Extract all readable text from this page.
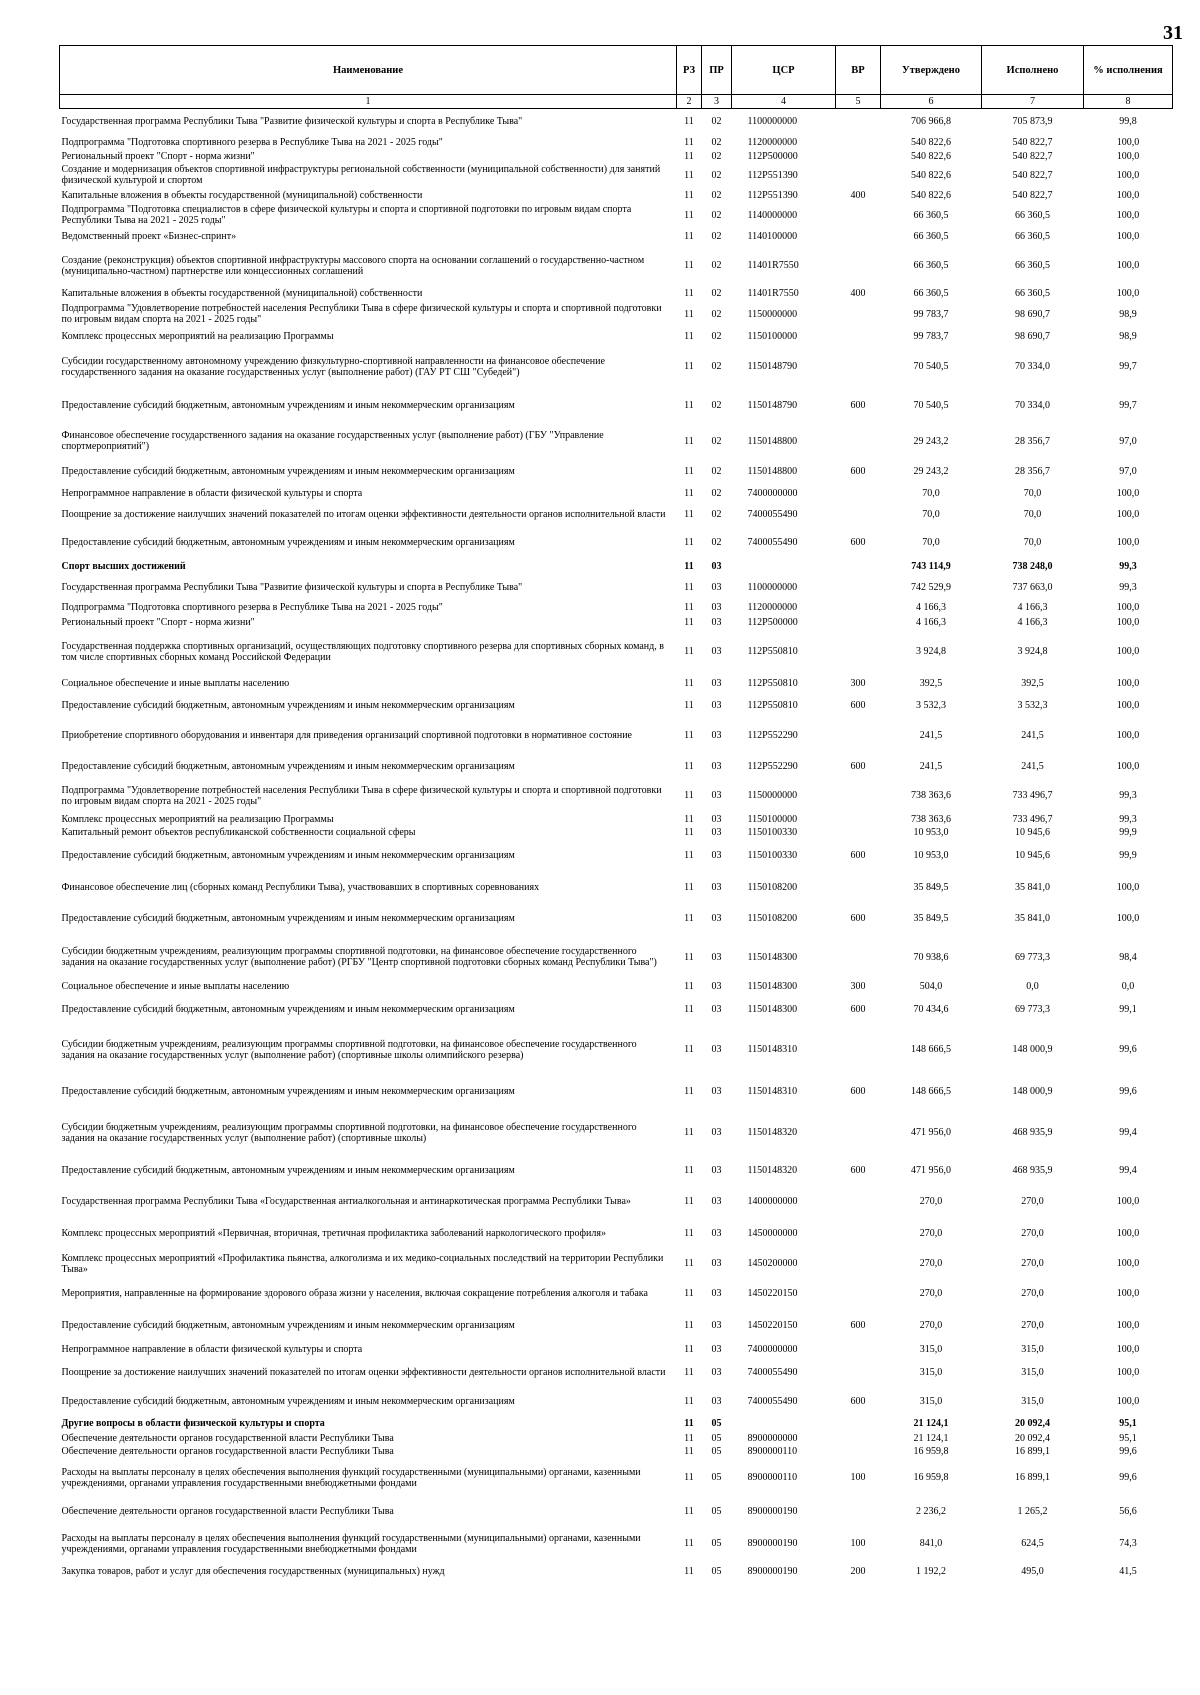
31
Наименование	РЗ	ПР	ЦСР	ВР	Утверждено	Исполнено	% исполнения
1	2	3	4	5	6	7	8
Государственная программа Республики Тыва "Развитие физической культуры и спорта в Республике Тыва"	11	02	1100000000		706 966,8	705 873,9	99,8
Подпрограмма "Подготовка спортивного резерва в Республике Тыва на 2021 - 2025 годы"	11	02	1120000000		540 822,6	540 822,7	100,0
Региональный проект "Спорт - норма жизни"	11	02	112P500000		540 822,6	540 822,7	100,0
Создание и модернизация объектов спортивной инфраструктуры региональной собственности (муниципальной собственности) для занятий физической культурой и спортом	11	02	112P551390		540 822,6	540 822,7	100,0
Капитальные вложения в объекты государственной (муниципальной) собственности	11	02	112P551390	400	540 822,6	540 822,7	100,0
Подпрограмма "Подготовка специалистов в сфере физической культуры и спорта и спортивной подготовки по игровым видам спорта Республики Тыва на 2021 - 2025 годы"	11	02	1140000000		66 360,5	66 360,5	100,0
Ведомственный проект «Бизнес-спринт»	11	02	1140100000		66 360,5	66 360,5	100,0
Создание (реконструкция) объектов спортивной инфраструктуры массового спорта на основании соглашений о государственно-частном (муниципально-частном) партнерстве или концессионных соглашений	11	02	11401R7550		66 360,5	66 360,5	100,0
Капитальные вложения в объекты государственной (муниципальной) собственности	11	02	11401R7550	400	66 360,5	66 360,5	100,0
Подпрограмма "Удовлетворение потребностей населения Республики Тыва в сфере физической культуры и спорта и спортивной подготовки по игровым видам спорта на 2021 - 2025 годы"	11	02	1150000000		99 783,7	98 690,7	98,9
Комплекс процессных мероприятий на реализацию Программы	11	02	1150100000		99 783,7	98 690,7	98,9
Субсидии государственному автономному учреждению физкультурно-спортивной направленности на финансовое обеспечение государственного задания на оказание государственных услуг (выполнение работ) (ГАУ РТ СШ "Субедей")	11	02	1150148790		70 540,5	70 334,0	99,7
Предоставление субсидий бюджетным, автономным учреждениям и иным некоммерческим организациям	11	02	1150148790	600	70 540,5	70 334,0	99,7
Финансовое обеспечение государственного задания на оказание государственных услуг (выполнение работ) (ГБУ "Управление спортмероприятий")	11	02	1150148800		29 243,2	28 356,7	97,0
Предоставление субсидий бюджетным, автономным учреждениям и иным некоммерческим организациям	11	02	1150148800	600	29 243,2	28 356,7	97,0
Непрограммное направление в области физической культуры и спорта	11	02	7400000000		70,0	70,0	100,0
Поощрение за достижение наилучших значений показателей по итогам оценки эффективности деятельности органов исполнительной власти	11	02	7400055490		70,0	70,0	100,0
Предоставление субсидий бюджетным, автономным учреждениям и иным некоммерческим организациям	11	02	7400055490	600	70,0	70,0	100,0
Спорт высших достижений	11	03			743 114,9	738 248,0	99,3
Государственная программа Республики Тыва "Развитие физической культуры и спорта в Республике Тыва"	11	03	1100000000		742 529,9	737 663,0	99,3
Подпрограмма "Подготовка спортивного резерва в Республике Тыва на 2021 - 2025 годы"	11	03	1120000000		4 166,3	4 166,3	100,0
Региональный проект "Спорт - норма жизни"	11	03	112P500000		4 166,3	4 166,3	100,0
Государственная поддержка спортивных организаций, осуществляющих подготовку спортивного резерва для спортивных сборных команд, в том числе спортивных сборных команд Российской Федерации	11	03	112P550810		3 924,8	3 924,8	100,0
Социальное обеспечение и иные выплаты населению	11	03	112P550810	300	392,5	392,5	100,0
Предоставление субсидий бюджетным, автономным учреждениям и иным некоммерческим организациям	11	03	112P550810	600	3 532,3	3 532,3	100,0
Приобретение спортивного оборудования и инвентаря для приведения организаций спортивной подготовки в нормативное состояние	11	03	112P552290		241,5	241,5	100,0
Предоставление субсидий бюджетным, автономным учреждениям и иным некоммерческим организациям	11	03	112P552290	600	241,5	241,5	100,0
Подпрограмма "Удовлетворение потребностей населения Республики Тыва в сфере физической культуры и спорта и спортивной подготовки по игровым видам спорта на 2021 - 2025 годы"	11	03	1150000000		738 363,6	733 496,7	99,3
Комплекс процессных мероприятий на реализацию Программы	11	03	1150100000		738 363,6	733 496,7	99,3
Капитальный ремонт объектов республиканской собственности социальной сферы	11	03	1150100330		10 953,0	10 945,6	99,9
Предоставление субсидий бюджетным, автономным учреждениям и иным некоммерческим организациям	11	03	1150100330	600	10 953,0	10 945,6	99,9
Финансовое обеспечение лиц (сборных команд Республики Тыва), участвовавших в спортивных соревнованиях	11	03	1150108200		35 849,5	35 841,0	100,0
Предоставление субсидий бюджетным, автономным учреждениям и иным некоммерческим организациям	11	03	1150108200	600	35 849,5	35 841,0	100,0
Субсидии бюджетным учреждениям, реализующим программы спортивной подготовки, на финансовое обеспечение государственного задания на оказание государственных услуг (выполнение работ) (РГБУ "Центр спортивной подготовки сборных команд Республики Тыва")	11	03	1150148300		70 938,6	69 773,3	98,4
Социальное обеспечение и иные выплаты населению	11	03	1150148300	300	504,0	0,0	0,0
Предоставление субсидий бюджетным, автономным учреждениям и иным некоммерческим организациям	11	03	1150148300	600	70 434,6	69 773,3	99,1
Субсидии бюджетным учреждениям, реализующим программы спортивной подготовки, на финансовое обеспечение государственного задания на оказание государственных услуг (выполнение работ) (спортивные школы олимпийского резерва)	11	03	1150148310		148 666,5	148 000,9	99,6
Предоставление субсидий бюджетным, автономным учреждениям и иным некоммерческим организациям	11	03	1150148310	600	148 666,5	148 000,9	99,6
Субсидии бюджетным учреждениям, реализующим программы спортивной подготовки, на финансовое обеспечение государственного задания на оказание государственных услуг (выполнение работ) (спортивные школы)	11	03	1150148320		471 956,0	468 935,9	99,4
Предоставление субсидий бюджетным, автономным учреждениям и иным некоммерческим организациям	11	03	1150148320	600	471 956,0	468 935,9	99,4
Государственная программа Республики Тыва «Государственная антиалкогольная и антинаркотическая программа Республики Тыва»	11	03	1400000000		270,0	270,0	100,0
Комплекс процессных мероприятий «Первичная, вторичная, третичная профилактика заболеваний наркологического профиля»	11	03	1450000000		270,0	270,0	100,0
Комплекс процессных мероприятий «Профилактика пьянства, алкоголизма и их медико-социальных последствий на территории Республики Тыва»	11	03	1450200000		270,0	270,0	100,0
Мероприятия, направленные на формирование здорового образа жизни у населения, включая сокращение потребления алкоголя и табака	11	03	1450220150		270,0	270,0	100,0
Предоставление субсидий бюджетным, автономным учреждениям и иным некоммерческим организациям	11	03	1450220150	600	270,0	270,0	100,0
Непрограммное направление в области физической культуры и спорта	11	03	7400000000		315,0	315,0	100,0
Поощрение за достижение наилучших значений показателей по итогам оценки эффективности деятельности органов исполнительной власти	11	03	7400055490		315,0	315,0	100,0
Предоставление субсидий бюджетным, автономным учреждениям и иным некоммерческим организациям	11	03	7400055490	600	315,0	315,0	100,0
Другие вопросы в области физической культуры и спорта	11	05			21 124,1	20 092,4	95,1
Обеспечение деятельности органов государственной власти Республики Тыва	11	05	8900000000		21 124,1	20 092,4	95,1
Обеспечение деятельности органов государственной власти Республики Тыва	11	05	8900000110		16 959,8	16 899,1	99,6
Расходы на выплаты персоналу в целях обеспечения выполнения функций государственными (муниципальными) органами, казенными учреждениями, органами управления государственными внебюджетными фондами	11	05	8900000110	100	16 959,8	16 899,1	99,6
Обеспечение деятельности органов государственной власти Республики Тыва	11	05	8900000190		2 236,2	1 265,2	56,6
Расходы на выплаты персоналу в целях обеспечения выполнения функций государственными (муниципальными) органами, казенными учреждениями, органами управления государственными внебюджетными фондами	11	05	8900000190	100	841,0	624,5	74,3
Закупка товаров, работ и услуг для обеспечения государственных (муниципальных) нужд	11	05	8900000190	200	1 192,2	495,0	41,5
